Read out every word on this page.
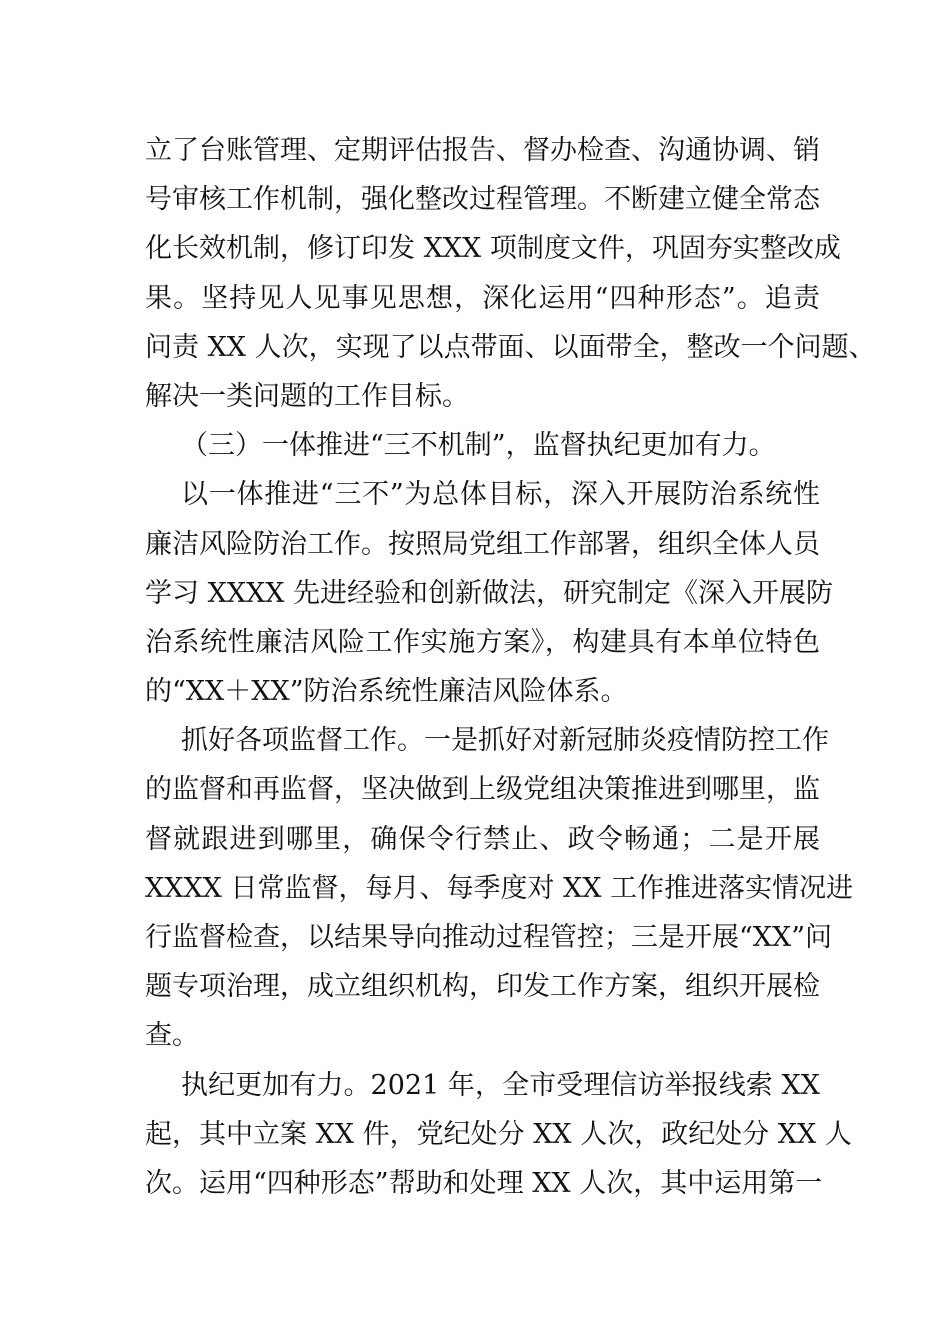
立了台账管理、定期评估报告、督办检查、沟通协调、销
号审核工作机制，强化整改过程管理。不断建立健全常态
化长效机制，修订印发 XXX 项制度文件，巩固夯实整改成
果。坚持见人见事见思想，深化运用“四种形态”。追责
问责 XX 人次，实现了以点带面、以面带全，整改一个问题、
解决一类问题的工作目标。
（三）一体推进“三不机制”，监督执纪更加有力。
以一体推进“三不”为总体目标，深入开展防治系统性
廉洁风险防治工作。按照局党组工作部署，组织全体人员
学习 XXXX 先进经验和创新做法，研究制定《深入开展防
治系统性廉洁风险工作实施方案》，构建具有本单位特色
的“XX＋XX”防治系统性廉洁风险体系。
抓好各项监督工作。一是抓好对新冠肺炎疫情防控工作
的监督和再监督，坚决做到上级党组决策推进到哪里，监
督就跟进到哪里，确保令行禁止、政令畅通；二是开展
XXXX 日常监督，每月、每季度对 XX 工作推进落实情况进
行监督检查，以结果导向推动过程管控；三是开展“XX”问
题专项治理，成立组织机构，印发工作方案，组织开展检
查。
执纪更加有力。2021 年，全市受理信访举报线索 XX
起，其中立案 XX 件，党纪处分 XX 人次，政纪处分 XX 人
次。运用“四种形态”帮助和处理 XX 人次，其中运用第一
